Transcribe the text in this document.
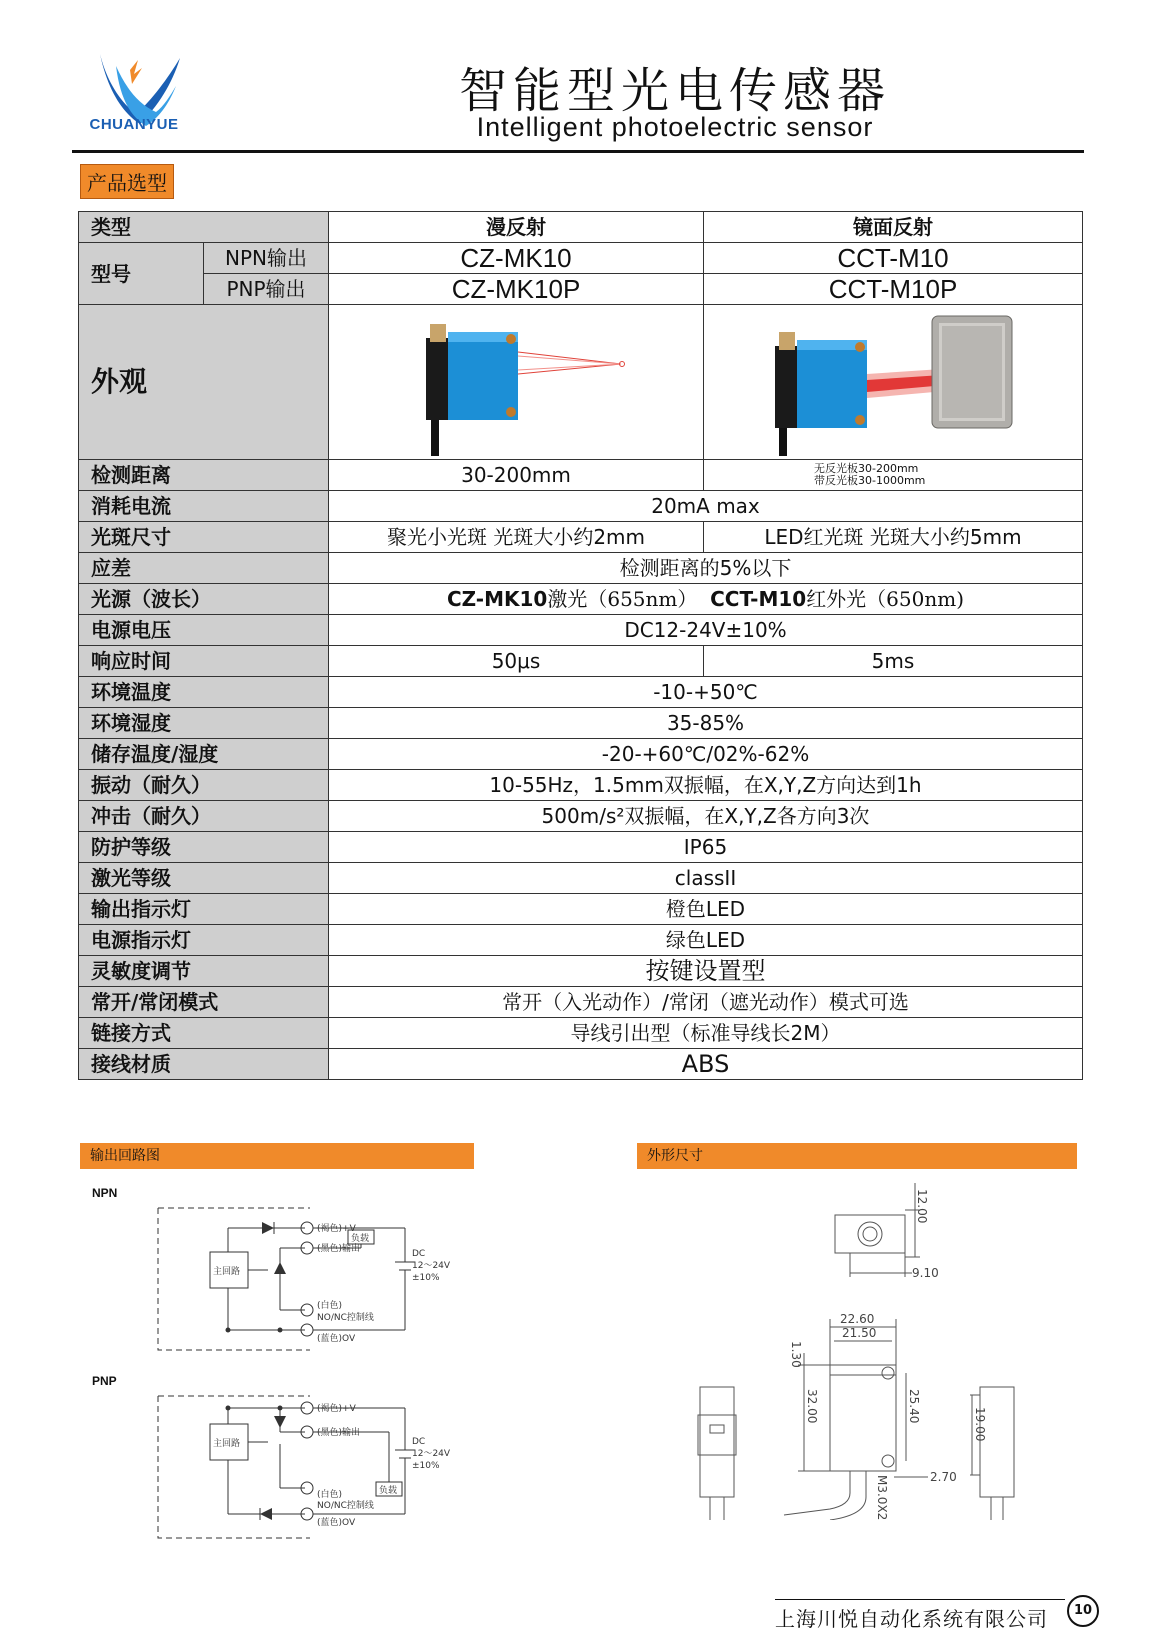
CHUANYUE
智能型光电传感器
Intelligent photoelectric sensor
产品选型
类型		漫反射	镜面反射
型号	NPN输出	CZ-MK10	CCT-M10
	PNP输出	CZ-MK10P	CCT-M10P
外观		
检测距离		30-200mm	无反光板30-200mm
带反光板30-1000mm

消耗电流		20mA max	
光斑尺寸		聚光小光斑 光斑大小约2mm	LED红光斑 光斑大小约5mm
应差		检测距离的5%以下	
光源（波长）		CZ-MK10激光（655nm） CCT-M10红外光（650nm)	
电源电压		DC12-24V±10%	
响应时间		50μs	5ms
环境温度		-10-+50℃	
环境湿度		35-85%	
储存温度/湿度		-20-+60℃/02%-62%	
振动（耐久）		10-55Hz，1.5mm双振幅，在X,Y,Z方向达到1h	
冲击（耐久）		500m/s²双振幅，在X,Y,Z各方向3次	
防护等级		IP65	
激光等级		classII	
输出指示灯		橙色LED	
电源指示灯		绿色LED	
灵敏度调节		按键设置型	
常开/常闭模式		常开（入光动作）/常闭（遮光动作）模式可选	
链接方式		导线引出型（标准导线长2M）	
接线材质		ABS	
输出回路图
NPN
PNP
主回路
(褐色)+V
(黑色)输出
(白色)
NO/NC控制线
(蓝色)OV
负载
DC
12～24V
±10%
主回路
(褐色)+V
(黑色)输出
(白色)
NO/NC控制线
(蓝色)OV
负载
DC
12～24V
±10%
外形尺寸
12.00
9.10
22.60
21.50
1.30
32.00	25.40
19.00
2.70
M3.0X2
上海川悦自动化系统有限公司	10
